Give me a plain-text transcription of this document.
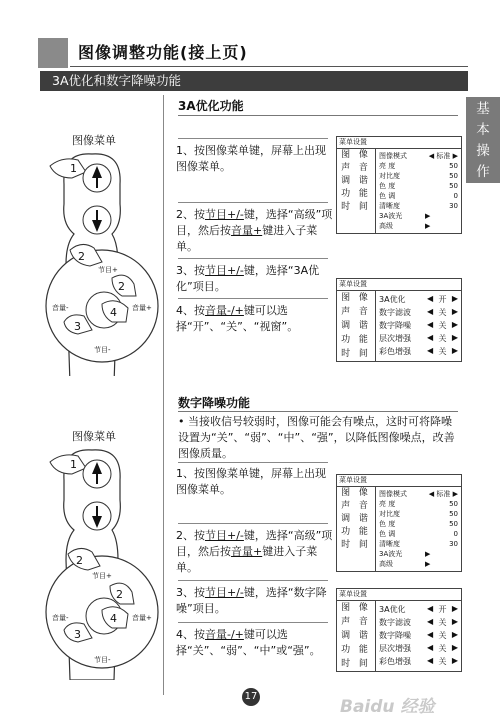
图像调整功能(接上页)
3A优化和数字降噪功能
基
本
操
作
3A优化功能
图像菜单
1
2
2
3
4
节目+
音量-	音量+
节目-
1、按图像菜单键，屏幕上出现图像菜单。
2、按节目+/-键，选择“高级”项目，然后按音量+键进入子菜单。
3、按节目+/-键，选择“3A优化”项目。
4、按音量-/+键可以选择“开”、“关”、“视窗”。
菜单设置
图 像
声 音
调 谐
功 能
时 间
图像模式	◀ 标准 ▶
亮 度	50
对比度	50
色 度	50
色 调	0
清晰度	30
3A波光	▶
高级	▶
菜单设置
图 像
声 音
调 谐
功 能
时 间
3A优化	◀ 开 ▶
数字滤波	◀ 关 ▶
数字降噪	◀ 关 ▶
层次增强	◀ 关 ▶
彩色增强	◀ 关 ▶
数字降噪功能
• 当接收信号较弱时，图像可能会有噪点，这时可将降噪设置为“关”、“弱”、“中”、“强”，以降低图像噪点，改善图像质量。
图像菜单
1
2
2
3
4
节目+
音量-	音量+
节目-
1、按图像菜单键，屏幕上出现图像菜单。
2、按节目+/-键，选择“高级”项目，然后按音量+键进入子菜单。
3、按节目+/-键，选择“数字降噪”项目。
4、按音量-/+键可以选择“关”、“弱”、“中”或“强”。
菜单设置
图 像
声 音
调 谐
功 能
时 间
图像模式	◀ 标准 ▶
亮 度	50
对比度	50
色 度	50
色 调	0
清晰度	30
3A波光	▶
高级	▶
菜单设置
图 像
声 音
调 谐
功 能
时 间
3A优化	◀ 开 ▶
数字滤波	◀ 关 ▶
数字降噪	◀ 关 ▶
层次增强	◀ 关 ▶
彩色增强	◀ 关 ▶
17
Baidu 经验
